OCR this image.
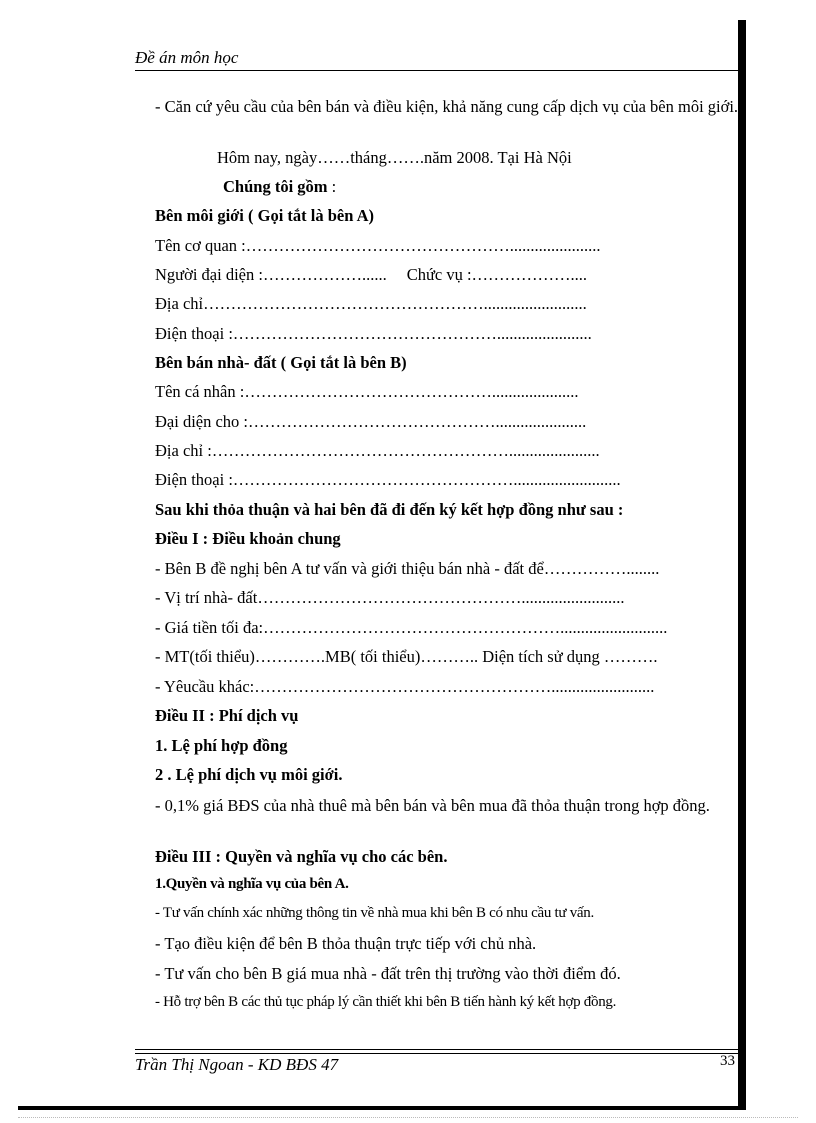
Đề án môn học

- Căn cứ yêu cầu của bên bán và điều kiện, khả năng cung cấp dịch vụ của bên môi giới.

Hôm nay, ngày……tháng…….năm 2008. Tại Hà Nội

Chúng tôi gồm :

Bên môi giới ( Gọi tắt là bên A)

Tên cơ quan :…………………………………………......................

Người đại diện :………………...... Chức vụ :………………....

Địa chỉ…………………………………………….........................

Điện thoại :………………………………………….......................

Bên bán nhà- đất ( Gọi tắt là bên B)

Tên cá nhân :……………………………………….....................

Đại diện cho :………………………………………......................

Địa chỉ :………………………………………………......................

Điện thoại :……………………………………………..........................

Sau khi thỏa thuận và hai bên đã đi đến ký kết hợp đồng như sau :

Điều I : Điều khoản chung

- Bên B đề nghị bên A tư vấn và giới thiệu bán nhà - đất để……………........

- Vị trí nhà- đất………………………………………….........................

- Giá tiền tối đa:………………………………………………..........................

- MT(tối thiểu)………….MB( tối thiểu)……….. Diện tích sử dụng ……….

- Yêucầu khác:……………………………………………….........................

Điều II : Phí dịch vụ

1. Lệ phí hợp đồng

2 . Lệ phí dịch vụ môi giới.

- 0,1% giá BĐS của nhà thuê mà bên bán và bên mua đã thỏa thuận trong hợp đồng.

Điều III : Quyền và nghĩa vụ cho các bên.

1.Quyền và nghĩa vụ của bên A.

- Tư vấn chính xác những thông tin về nhà mua khi bên B có nhu cầu tư vấn.

- Tạo điều kiện để bên B thỏa thuận trực tiếp với chủ nhà.

- Tư vấn cho bên B giá mua nhà - đất trên thị trường vào thời điểm đó.

- Hỗ trợ bên B các thủ tục pháp lý cần thiết khi bên B tiến hành ký kết hợp đồng.

Trần Thị Ngoan - KD BĐS 47	33
